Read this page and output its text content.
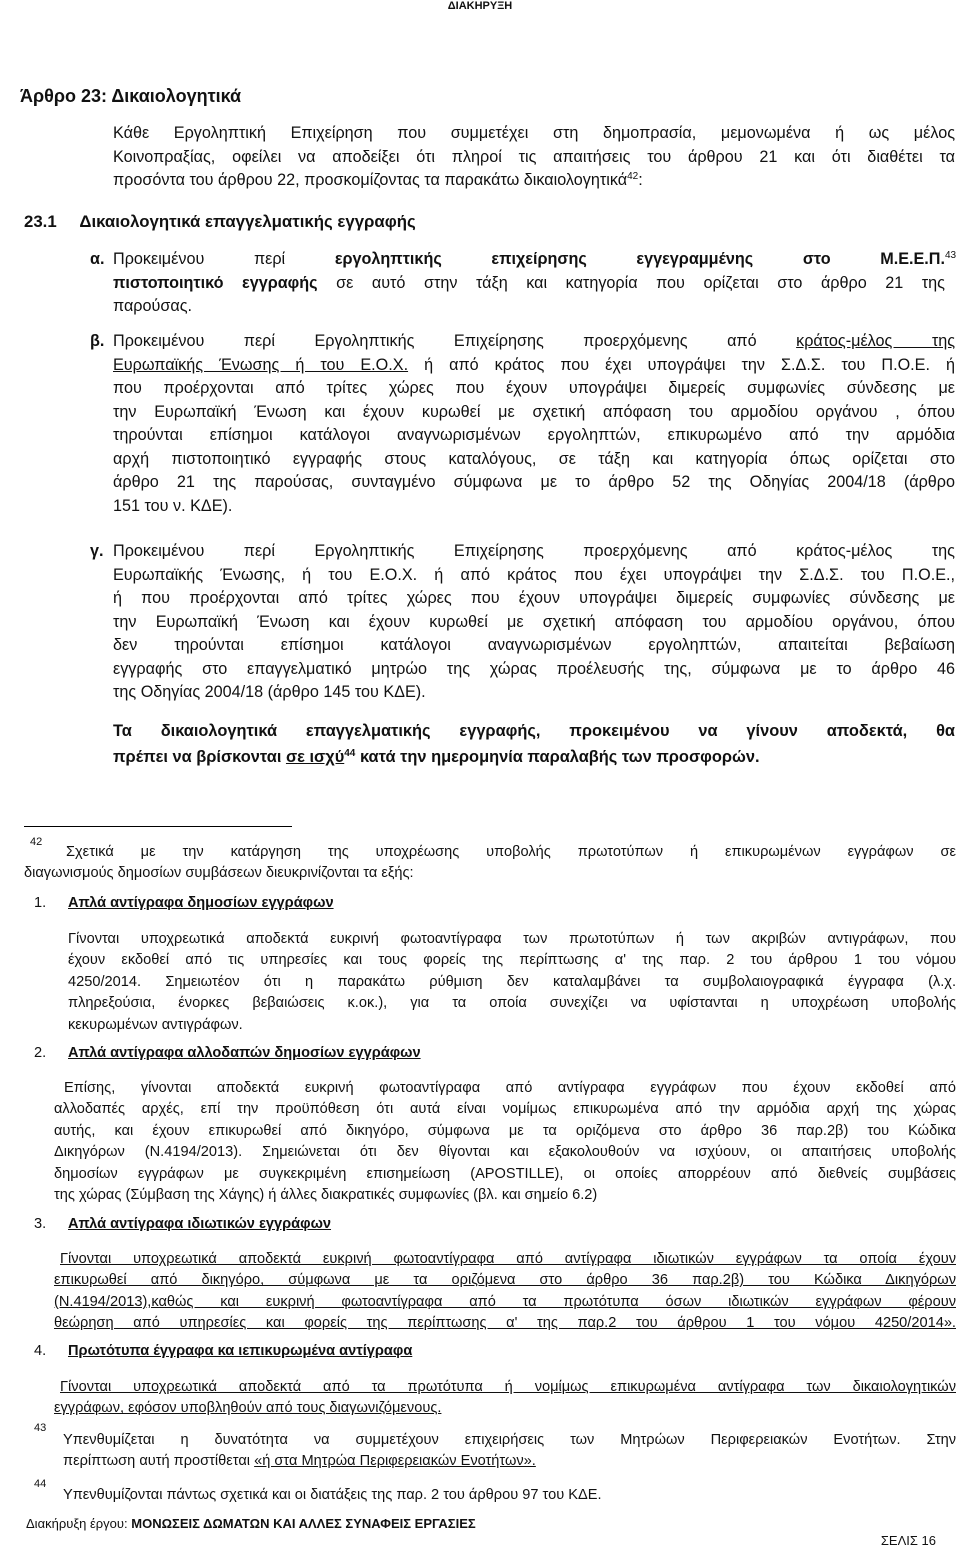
ΔΙΑΚΗΡΥΞΗ
Άρθρο 23: Δικαιολογητικά
Κάθε Εργοληπτική Επιχείρηση που συμμετέχει στη δημοπρασία, μεμονωμένα ή ως μέλος
Κοινοπραξίας, οφείλει να αποδείξει ότι πληροί τις απαιτήσεις του άρθρου 21 και ότι διαθέτει τα
προσόντα του άρθρου 22, προσκομίζοντας τα παρακάτω δικαιολογητικά$^{42}$:
23.1 Δικαιολογητικά επαγγελματικής εγγραφής
α. Προκειμένου περί	εργοληπτικής επιχείρησης εγγεγραμμένης στο Μ.Ε.Ε.Π.
πιστοποιητικό εγγραφής σε αυτό στην τάξη και κατηγορία που ορίζεται στο άρθρο 21 της
παρούσας.
43
β. Προκειμένου περί Εργοληπτικής Επιχείρησης προερχόμενης από κράτος-μέλος της
Ευρωπαϊκής Ένωσης ή του Ε.Ο.Χ. ή από κράτος που έχει υπογράψει την Σ.Δ.Σ. του Π.Ο.Ε. ή
που προέρχονται από τρίτες χώρες που έχουν υπογράψει διμερείς συμφωνίες σύνδεσης με
την Ευρωπαϊκή Ένωση και έχουν κυρωθεί με σχετική απόφαση του αρμοδίου οργάνου , όπου
τηρούνται επίσημοι κατάλογοι αναγνωρισμένων εργοληπτών, επικυρωμένο από την αρμόδια
αρχή πιστοποιητικό εγγραφής στους καταλόγους, σε τάξη και κατηγορία όπως ορίζεται στο
άρθρο 21 της παρούσας, συνταγμένο σύμφωνα με το άρθρο 52 της Οδηγίας 2004/18 (άρθρο
151 του ν. ΚΔΕ).
γ. Προκειμένου περί Εργοληπτικής Επιχείρησης προερχόμενης από κράτος-μέλος της
Ευρωπαϊκής Ένωσης, ή του Ε.Ο.Χ. ή από κράτος που έχει υπογράψει την Σ.Δ.Σ. του Π.Ο.Ε.,
ή που προέρχονται από τρίτες χώρες που έχουν υπογράψει διμερείς συμφωνίες σύνδεσης με
την Ευρωπαϊκή Ένωση και έχουν κυρωθεί με σχετική απόφαση του αρμοδίου οργάνου, όπου
δεν τηρούνται επίσημοι κατάλογοι αναγνωρισμένων εργοληπτών, απαιτείται βεβαίωση
εγγραφής στο επαγγελματικό μητρώο της χώρας προέλευσής της, σύμφωνα με το άρθρο 46
της Οδηγίας 2004/18 (άρθρο 145 του ΚΔΕ).
Τα δικαιολογητικά επαγγελματικής εγγραφής, προκειμένου να γίνουν αποδεκτά, θα
πρέπει να βρίσκονται σε ισχύ$^{44}$ κατά την ημερομηνία παραλαβής των προσφορών.
42
Σχετικά με την κατάργηση της υποχρέωσης υποβολής πρωτοτύπων ή επικυρωμένων εγγράφων σε
διαγωνισμούς δημοσίων συμβάσεων διευκρινίζονται τα εξής:
1. Απλά αντίγραφα δημοσίων εγγράφων
Γίνονται υποχρεωτικά αποδεκτά ευκρινή φωτοαντίγραφα των πρωτοτύπων ή των ακριβών αντιγράφων, που
έχουν εκδοθεί από τις υπηρεσίες και τους φορείς της περίπτωσης α' της παρ. 2 του άρθρου 1 του νόμου
4250/2014. Σημειωτέον ότι η παρακάτω ρύθμιση δεν καταλαμβάνει τα συμβολαιογραφικά έγγραφα (λ.χ.
πληρεξούσια, ένορκες βεβαιώσεις κ.οκ.), για τα οποία συνεχίζει να υφίστανται η υποχρέωση υποβολής
κεκυρωμένων αντιγράφων.
2. Απλά αντίγραφα αλλοδαπών δημοσίων εγγράφων
Επίσης, γίνονται αποδεκτά ευκρινή φωτοαντίγραφα από αντίγραφα εγγράφων που έχουν εκδοθεί από
αλλοδαπές αρχές, επί την προϋπόθεση ότι αυτά είναι νομίμως επικυρωμένα από την αρμόδια αρχή της χώρας
αυτής, και έχουν επικυρωθεί από δικηγόρο, σύμφωνα με τα οριζόμενα στο άρθρο 36 παρ.2β) του Κώδικα
Δικηγόρων (Ν.4194/2013). Σημειώνεται ότι δεν θίγονται και εξακολουθούν να ισχύουν, οι απαιτήσεις υποβολής
δημοσίων εγγράφων με συγκεκριμένη επισημείωση (APOSTILLE), οι οποίες απορρέουν από διεθνείς συμβάσεις
της χώρας (Σύμβαση της Χάγης) ή άλλες διακρατικές συμφωνίες (βλ. και σημείο 6.2)
3. Απλά αντίγραφα ιδιωτικών εγγράφων
Γίνονται υποχρεωτικά αποδεκτά ευκρινή φωτοαντίγραφα από αντίγραφα ιδιωτικών εγγράφων τα οποία έχουν
επικυρωθεί από δικηγόρο, σύμφωνα με τα οριζόμενα στο άρθρο 36 παρ.2β) του Κώδικα Δικηγόρων
(Ν.4194/2013),καθώς και ευκρινή φωτοαντίγραφα από τα πρωτότυπα όσων ιδιωτικών εγγράφων φέρουν
θεώρηση από υπηρεσίες και φορείς της περίπτωσης α' της παρ.2 του άρθρου 1 του νόμου 4250/2014».
4. Πρωτότυπα έγγραφα κα ιεπικυρωμένα αντίγραφα
Γίνονται υποχρεωτικά αποδεκτά από τα πρωτότυπα ή νομίμως επικυρωμένα αντίγραφα των δικαιολογητικών
εγγράφων, εφόσον υποβληθούν από τους διαγωνιζόμενους.
43
Υπενθυμίζεται η δυνατότητα να συμμετέχουν επιχειρήσεις των Μητρώων Περιφερειακών Ενοτήτων. Στην
περίπτωση αυτή προστίθεται «ή στα Μητρώα Περιφερειακών Ενοτήτων».
44
Υπενθυμίζονται πάντως σχετικά και οι διατάξεις της παρ. 2 του άρθρου 97 του ΚΔΕ.
Διακήρυξη έργου: ΜΟΝΩΣΕΙΣ ΔΩΜΑΤΩΝ ΚΑΙ ΑΛΛΕΣ ΣΥΝΑΦΕΙΣ ΕΡΓΑΣΙΕΣ
ΣΕΛΙΣ 16
